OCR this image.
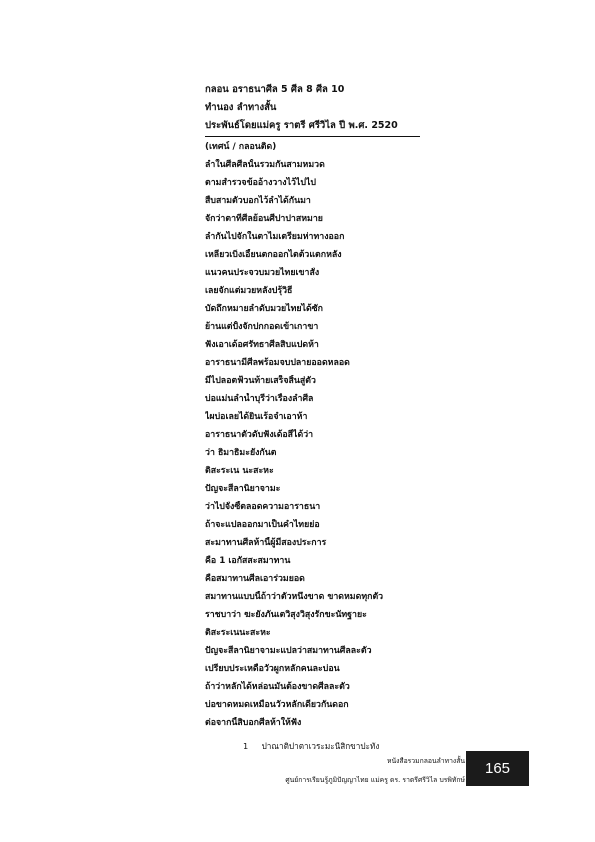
กลอน อราธนาศีล 5 ศีล 8 ศีล 10
ทำนอง ลำทางสั้น
ประพันธ์โดยแม่ครู ราตรี ศรีวิไล ปี พ.ศ. 2520
(เทศน์ / กลอนติด)
ลำในศีลศีลนั้นรวมกันสามหมวด
ตามสำรวจข้ออ้างวางไว้ไปไป
สืบสามตัวบอกไว้ลำได้กันมา
จักว่าตาทีศีลย้อนศีปาปาสหมาย
ลำกันไปจักในตาไมเตรียมห่าทางออก
เหลียวเบิ่งเอี้ยนตกออกไตต้วแตกหลัง
แนวคนประจวบมวยไทยเขาสั่ง
เลยจักแต่มวยหลังปรุ้วิธี
บัดถึกหมายลำดับมวยไทยได้ซัก
ย้านแต่ปั้งจักปกกอดเข้าเกาขา
ฟังเอาเด้อศรัทธาศีลสิบแปดห้า
อาราธนามีศีลพร้อมจบปลายออดหลอด
มีไปลอตฟ้วนท้ายเสร็จสิ้นสู่ตัว
บ่อแม่นลำน้ำบุรีว่าเรื่องลำศีล
ไผบ่อเลยได้ยินเร้อจำเอาห้า
อาราธนาตัวดับฟังเด้อสีได้ว่า
ว่า ธิมาธิมะยังกันต
ติสะระเน นะสะหะ
ปัญจะสีลานิยาจามะ
ว่าไปจั่งซี้ตลอดความอาราธนา
ถ้าจะแปลออกมาเป็นคำไทยย่อ
สะมาทานศีลห้านี้ผู้มีสองประการ
คือ 1 เอกัสสะสมาทาน
คือสมาทานศีลเอาร่วมยอด
สมาทานแบบนี้ถ้าว่าตัวหนึ่งขาด ขาดหมดทุกตัว
ราชบาว่า ฆะยังภันเตวิสุงวิสุงรักขะนัทฐายะ
ติสะระเนนะสะหะ
ปัญจะสีลานิยาจามะแปลว่าสมาทานศีลละตัว
เปรียบประเหดือวัวผูกหลักคนละบ่อน
ถ้าว่าหลักได้หล่อนมันต้องขาดศีลละตัว
บ่อขาดหมดเหมือนวัวหลักเดียวกันดอก
ต่อจากนี้สิบอกศีลห้าให้ฟัง
1 ปาณาติปาตาเวระมะนีสิกขาปะทัง
หนังสือรวมกลอนลำทางสั้น
ศูนย์การเรียนรู้ภูมิปัญญาไทย แม่ครู ดร. ราตรีศรีวิไล บรพิทักษ์
165
